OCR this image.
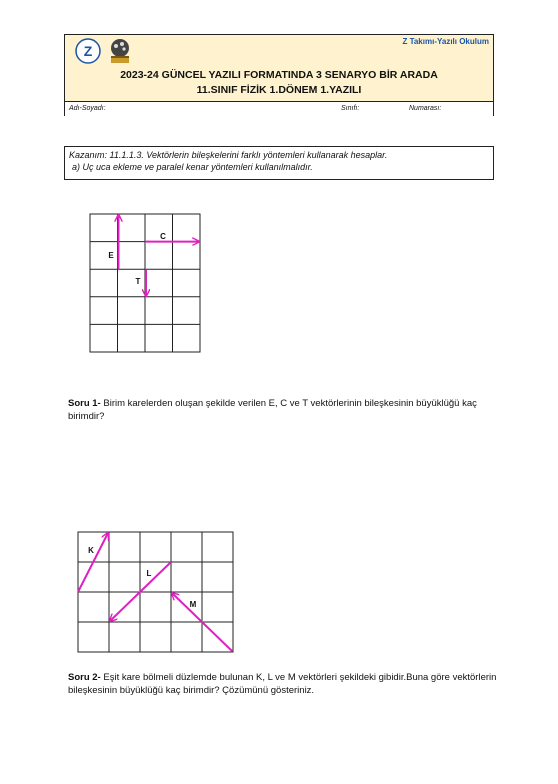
Z Takımı-Yazılı Okulum
Z
2023-24 GÜNCEL YAZILI FORMATINDA 3 SENARYO BİR ARADA
11.SINIF FİZİK 1.DÖNEM 1.YAZILI
Adı-Soyadı:	Sınıfı:	Numarası:
Kazanım: 11.1.1.3. Vektörlerin bileşkelerini farklı yöntemleri kullanarak hesaplar.
a) Uç uca ekleme ve paralel kenar yöntemleri kullanılmalıdır.
E
C
T
Soru 1- Birim karelerden oluşan şekilde verilen E, C ve T vektörlerinin bileşkesinin büyüklüğü kaç birimdir?
K
L
M
Soru 2- Eşit kare bölmeli düzlemde bulunan K, L ve M vektörleri şekildeki gibidir.Buna göre vektörlerin bileşkesinin büyüklüğü kaç birimdir? Çözümünü gösteriniz.
